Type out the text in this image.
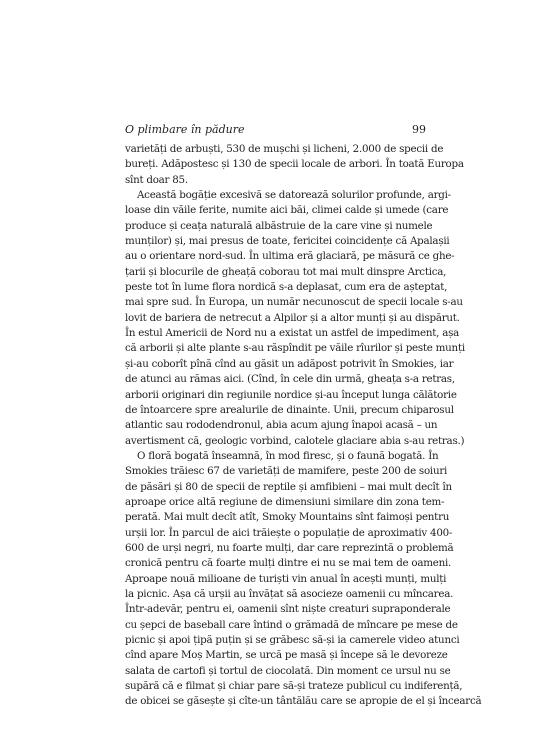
O plimbare în pădure	99
varietăți de arbuști, 530 de mușchi și licheni, 2.000 de specii de
bureți. Adăpostesc și 130 de specii locale de arbori. În toată Europa
sînt doar 85.
Această bogăție excesivă se datorează solurilor profunde, argi-
loase din văile ferite, numite aici băi, climei calde și umede (care
produce și ceața naturală albăstruie de la care vine și numele
munților) și, mai presus de toate, fericitei coincidențe că Apalașii
au o orientare nord-sud. În ultima eră glaciară, pe măsură ce ghe-
țarii și blocurile de gheață coborau tot mai mult dinspre Arctica,
peste tot în lume flora nordică s-a deplasat, cum era de așteptat,
mai spre sud. În Europa, un număr necunoscut de specii locale s-au
lovit de bariera de netrecut a Alpilor și a altor munți și au dispărut.
În estul Americii de Nord nu a existat un astfel de impediment, așa
că arborii și alte plante s-au răspîndit pe văile rîurilor și peste munți
și-au coborît pînă cînd au găsit un adăpost potrivit în Smokies, iar
de atunci au rămas aici. (Cînd, în cele din urmă, gheața s-a retras,
arborii originari din regiunile nordice și-au început lunga călătorie
de întoarcere spre arealurile de dinainte. Unii, precum chiparosul
atlantic sau rododendronul, abia acum ajung înapoi acasă – un
avertisment că, geologic vorbind, calotele glaciare abia s-au retras.)
O floră bogată înseamnă, în mod firesc, și o faună bogată. În
Smokies trăiesc 67 de varietăți de mamifere, peste 200 de soiuri
de păsări și 80 de specii de reptile și amfibieni – mai mult decît în
aproape orice altă regiune de dimensiuni similare din zona tem-
perată. Mai mult decît atît, Smoky Mountains sînt faimoși pentru
urșii lor. În parcul de aici trăiește o populație de aproximativ 400-
600 de urși negri, nu foarte mulți, dar care reprezintă o problemă
cronică pentru că foarte mulți dintre ei nu se mai tem de oameni.
Aproape nouă milioane de turiști vin anual în acești munți, mulți
la picnic. Așa că urșii au învățat să asocieze oamenii cu mîncarea.
Într-adevăr, pentru ei, oamenii sînt niște creaturi supraponderale
cu șepci de baseball care întind o grămadă de mîncare pe mese de
picnic și apoi țipă puțin și se grăbesc să-și ia camerele video atunci
cînd apare Moș Martin, se urcă pe masă și începe să le devoreze
salata de cartofi și tortul de ciocolată. Din moment ce ursul nu se
supără că e filmat și chiar pare să-și trateze publicul cu indiferență,
de obicei se găsește și cîte-un tântălău care se apropie de el și încearcă
